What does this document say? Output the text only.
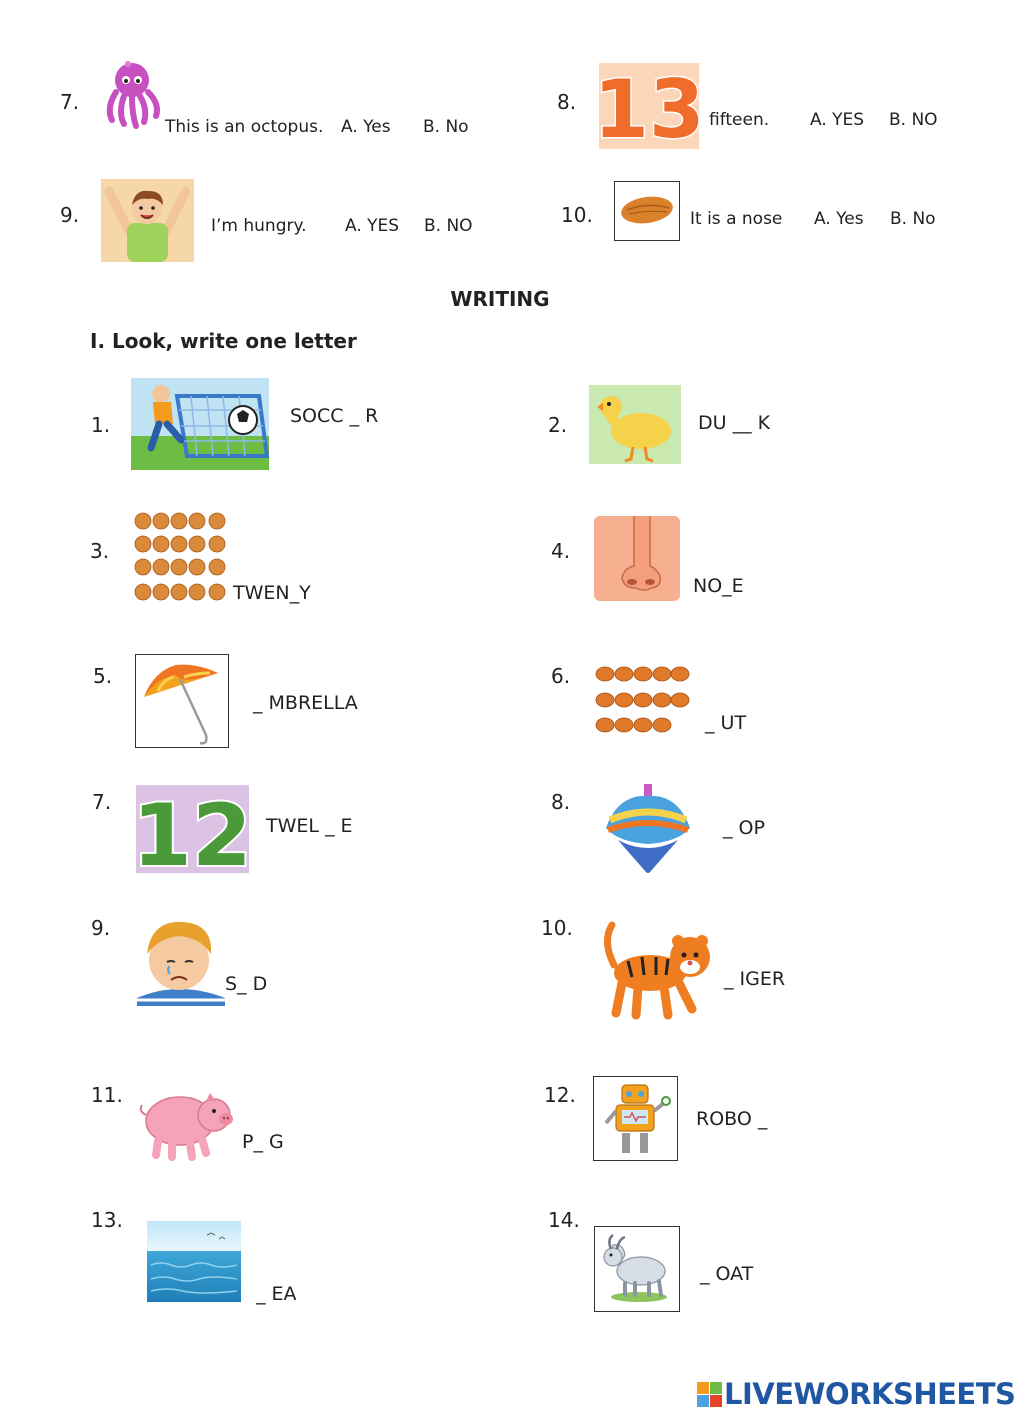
7.
This is an octopus. A. Yes B. No
8. 13 fifteen. A. YES B. NO
9.	I’m hungry. A. YES B. NO	10.	It is a nose A. Yes B. No
WRITING
I. Look, write one letter
1.	SOCC _ R	2.	DU __ K
3.
TWEN_Y
4.
NO_E
5.
_ MBRELLA
6.
_ UT
7. 12 TWEL _ E
8.
_ OP
9.
S_ D
10.
_ IGER
11.
P_ G
12.
ROBO _
13.
_ EA
14.
_ OAT
LIVEWORKSHEETS
